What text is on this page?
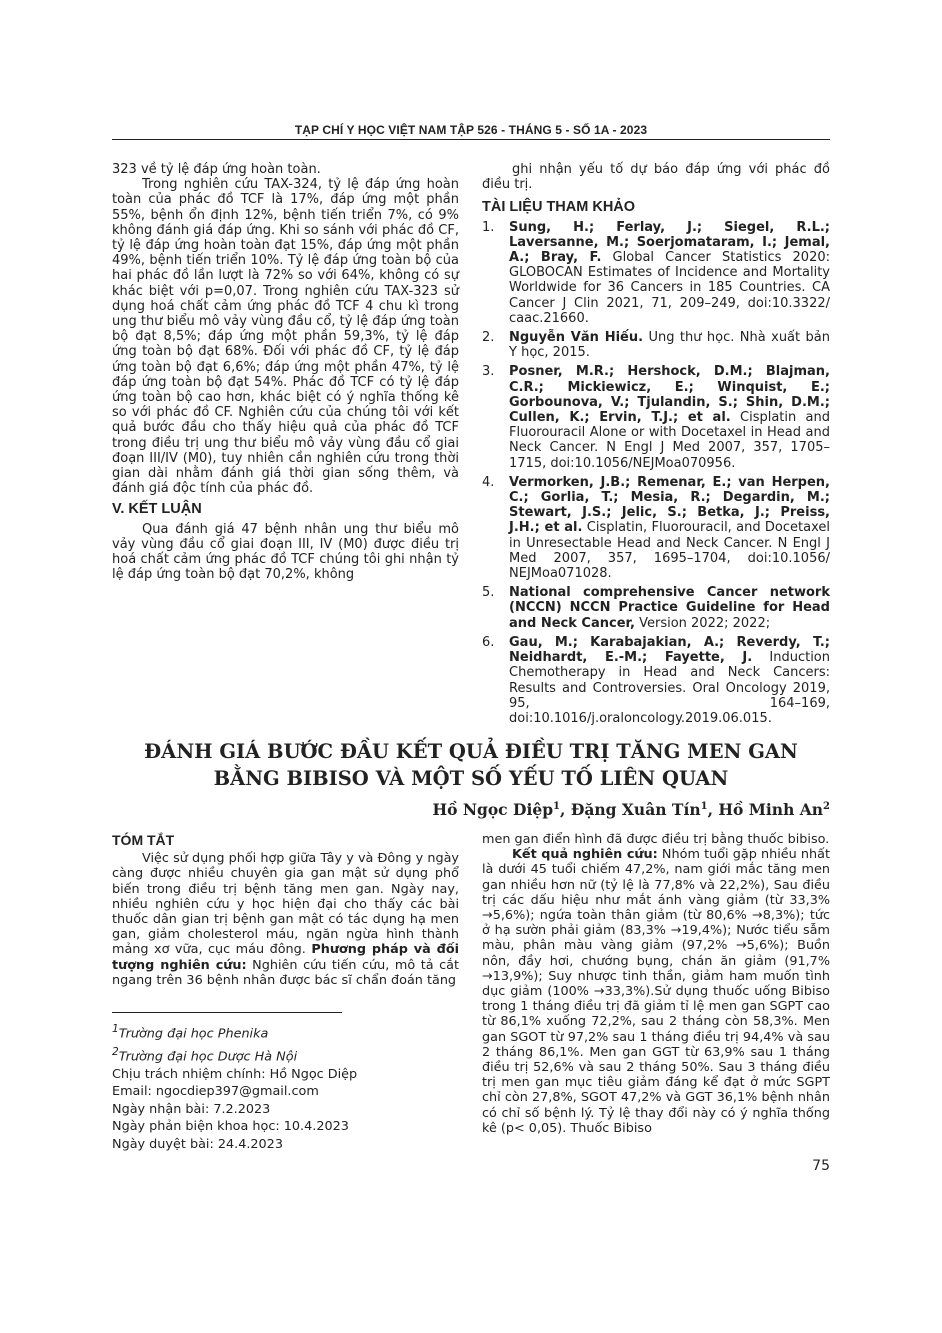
TẠP CHÍ Y HỌC VIỆT NAM TẬP 526 - THÁNG 5 - SỐ 1A - 2023

323 về tỷ lệ đáp ứng hoàn toàn.

Trong nghiên cứu TAX-324, tỷ lệ đáp ứng hoàn toàn của phác đồ TCF là 17%, đáp ứng một phần 55%, bệnh ổn định 12%, bệnh tiến triển 7%, có 9% không đánh giá đáp ứng. Khi so sánh với phác đồ CF, tỷ lệ đáp ứng hoàn toàn đạt 15%, đáp ứng một phần 49%, bệnh tiến triển 10%. Tỷ lệ đáp ứng toàn bộ của hai phác đồ lần lượt là 72% so với 64%, không có sự khác biệt với p=0,07. Trong nghiên cứu TAX-323 sử dụng hoá chất cảm ứng phác đồ TCF 4 chu kì trong ung thư biểu mô vảy vùng đầu cổ, tỷ lệ đáp ứng toàn bộ đạt 8,5%; đáp ứng một phần 59,3%, tỷ lệ đáp ứng toàn bộ đạt 68%. Đối với phác đồ CF, tỷ lệ đáp ứng toàn bộ đạt 6,6%; đáp ứng một phần 47%, tỷ lệ đáp ứng toàn bộ đạt 54%. Phác đồ TCF có tỷ lệ đáp ứng toàn bộ cao hơn, khác biệt có ý nghĩa thống kê so với phác đồ CF. Nghiên cứu của chúng tôi với kết quả bước đầu cho thấy hiệu quả của phác đồ TCF trong điều trị ung thư biểu mô vảy vùng đầu cổ giai đoạn III/IV (M0), tuy nhiên cần nghiên cứu trong thời gian dài nhằm đánh giá thời gian sống thêm, và đánh giá độc tính của phác đồ.

V. KẾT LUẬN

Qua đánh giá 47 bệnh nhân ung thư biểu mô vảy vùng đầu cổ giai đoạn III, IV (M0) được điều trị hoá chất cảm ứng phác đồ TCF chúng tôi ghi nhận tỷ lệ đáp ứng toàn bộ đạt 70,2%, không

ghi nhận yếu tố dự báo đáp ứng với phác đồ điều trị.

TÀI LIỆU THAM KHẢO

1.	Sung, H.; Ferlay, J.; Siegel, R.L.; Laversanne, M.; Soerjomataram, I.; Jemal, A.; Bray, F. Global Cancer Statistics 2020: GLOBOCAN Estimates of Incidence and Mortality Worldwide for 36 Cancers in 185 Countries. CA Cancer J Clin 2021, 71, 209–249, doi:10.3322/ caac.21660.
2.	Nguyễn Văn Hiếu. Ung thư học. Nhà xuất bản Y học, 2015.
3.	Posner, M.R.; Hershock, D.M.; Blajman, C.R.; Mickiewicz, E.; Winquist, E.; Gorbounova, V.; Tjulandin, S.; Shin, D.M.; Cullen, K.; Ervin, T.J.; et al. Cisplatin and Fluorouracil Alone or with Docetaxel in Head and Neck Cancer. N Engl J Med 2007, 357, 1705–1715, doi:10.1056/NEJMoa070956.
4.	Vermorken, J.B.; Remenar, E.; van Herpen, C.; Gorlia, T.; Mesia, R.; Degardin, M.; Stewart, J.S.; Jelic, S.; Betka, J.; Preiss, J.H.; et al. Cisplatin, Fluorouracil, and Docetaxel in Unresectable Head and Neck Cancer. N Engl J Med 2007, 357, 1695–1704, doi:10.1056/ NEJMoa071028.
5.	National comprehensive Cancer network (NCCN) NCCN Practice Guideline for Head and Neck Cancer, Version 2022; 2022;
6.	Gau, M.; Karabajakian, A.; Reverdy, T.; Neidhardt, E.-M.; Fayette, J. Induction Chemotherapy in Head and Neck Cancers: Results and Controversies. Oral Oncology 2019, 95, 164–169, doi:10.1016/j.oraloncology.2019.06.015.
ĐÁNH GIÁ BƯỚC ĐẦU KẾT QUẢ ĐIỀU TRỊ TĂNG MEN GAN
BẰNG BIBISO VÀ MỘT SỐ YẾU TỐ LIÊN QUAN
Hồ Ngọc Diệp$^1$, Đặng Xuân Tín$^1$, Hồ Minh An$^2$

TÓM TẮT

Việc sử dụng phối hợp giữa Tây y và Đông y ngày càng được nhiều chuyên gia gan mật sử dụng phổ biến trong điều trị bệnh tăng men gan. Ngày nay, nhiều nghiên cứu y học hiện đại cho thấy các bài thuốc dân gian trị bệnh gan mật có tác dụng hạ men gan, giảm cholesterol máu, ngăn ngừa hình thành mảng xơ vữa, cục máu đông. Phương pháp và đối tượng nghiên cứu: Nghiên cứu tiến cứu, mô tả cắt ngang trên 36 bệnh nhân được bác sĩ chẩn đoán tăng

men gan điển hình đã được điều trị bằng thuốc bibiso.

Kết quả nghiên cứu: Nhóm tuổi gặp nhiều nhất là dưới 45 tuổi chiếm 47,2%, nam giới mắc tăng men gan nhiều hơn nữ (tỷ lệ là 77,8% và 22,2%), Sau điều trị các dấu hiệu như mắt ánh vàng giảm (từ 33,3% →5,6%); ngứa toàn thân giảm (từ 80,6% →8,3%); tức ở hạ sườn phải giảm (83,3% →19,4%); Nước tiểu sẫm màu, phân màu vàng giảm (97,2% →5,6%); Buồn nôn, đầy hơi, chướng bụng, chán ăn giảm (91,7% →13,9%); Suy nhược tinh thần, giảm ham muốn tình dục giảm (100% →33,3%).Sử dụng thuốc uống Bibiso trong 1 tháng điều trị đã giảm tỉ lệ men gan SGPT cao từ 86,1% xuống 72,2%, sau 2 tháng còn 58,3%. Men gan SGOT từ 97,2% sau 1 tháng điều trị 94,4% và sau 2 tháng 86,1%. Men gan GGT từ 63,9% sau 1 tháng điều trị 52,6% và sau 2 tháng 50%. Sau 3 tháng điều trị men gan mục tiêu giảm đáng kể đạt ở mức SGPT chỉ còn 27,8%, SGOT 47,2% và GGT 36,1% bệnh nhân có chỉ số bệnh lý. Tỷ lệ thay đổi này có ý nghĩa thống kê (p< 0,05). Thuốc Bibiso

$^1$Trường đại học Phenika
$^2$Trường đại học Dược Hà Nội
Chịu trách nhiệm chính: Hồ Ngọc Diệp
Email: ngocdiep397@gmail.com
Ngày nhận bài: 7.2.2023
Ngày phản biện khoa học: 10.4.2023
Ngày duyệt bài: 24.4.2023
75
